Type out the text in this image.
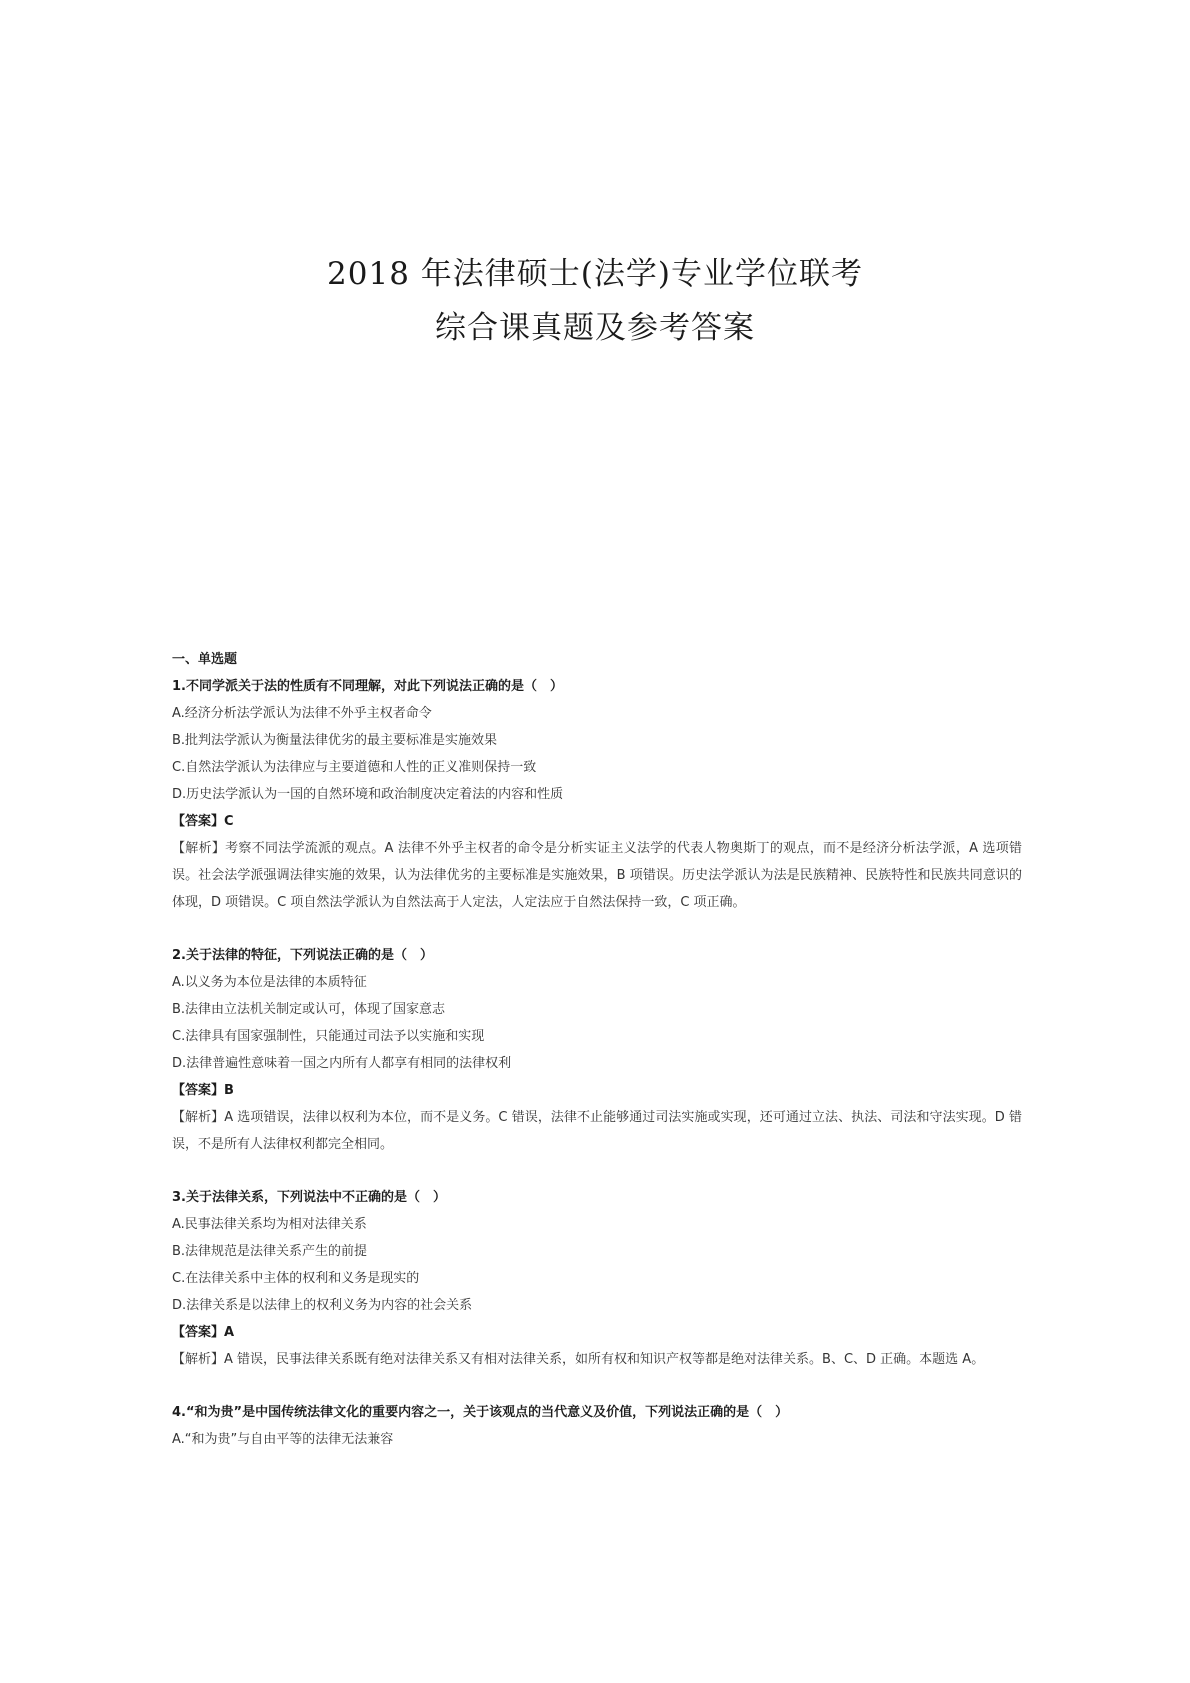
2018 年法律硕士(法学)专业学位联考
综合课真题及参考答案
一、单选题
1.不同学派关于法的性质有不同理解，对此下列说法正确的是（　）
A.经济分析法学派认为法律不外乎主权者命令
B.批判法学派认为衡量法律优劣的最主要标准是实施效果
C.自然法学派认为法律应与主要道德和人性的正义准则保持一致
D.历史法学派认为一国的自然环境和政治制度决定着法的内容和性质
【答案】C
【解析】考察不同法学流派的观点。A 法律不外乎主权者的命令是分析实证主义法学的代表人物奥斯丁的观点，而不是经济分析法学派，A 选项错误。社会法学派强调法律实施的效果，认为法律优劣的主要标准是实施效果，B 项错误。历史法学派认为法是民族精神、民族特性和民族共同意识的体现，D 项错误。C 项自然法学派认为自然法高于人定法，人定法应于自然法保持一致，C 项正确。
2.关于法律的特征，下列说法正确的是（　）
A.以义务为本位是法律的本质特征
B.法律由立法机关制定或认可，体现了国家意志
C.法律具有国家强制性，只能通过司法予以实施和实现
D.法律普遍性意味着一国之内所有人都享有相同的法律权利
【答案】B
【解析】A 选项错误，法律以权利为本位，而不是义务。C 错误，法律不止能够通过司法实施或实现，还可通过立法、执法、司法和守法实现。D 错误，不是所有人法律权利都完全相同。
3.关于法律关系，下列说法中不正确的是（　）
A.民事法律关系均为相对法律关系
B.法律规范是法律关系产生的前提
C.在法律关系中主体的权利和义务是现实的
D.法律关系是以法律上的权利义务为内容的社会关系
【答案】A
【解析】A 错误，民事法律关系既有绝对法律关系又有相对法律关系，如所有权和知识产权等都是绝对法律关系。B、C、D 正确。本题选 A。
4.“和为贵”是中国传统法律文化的重要内容之一，关于该观点的当代意义及价值，下列说法正确的是（　）
A.“和为贵”与自由平等的法律无法兼容
